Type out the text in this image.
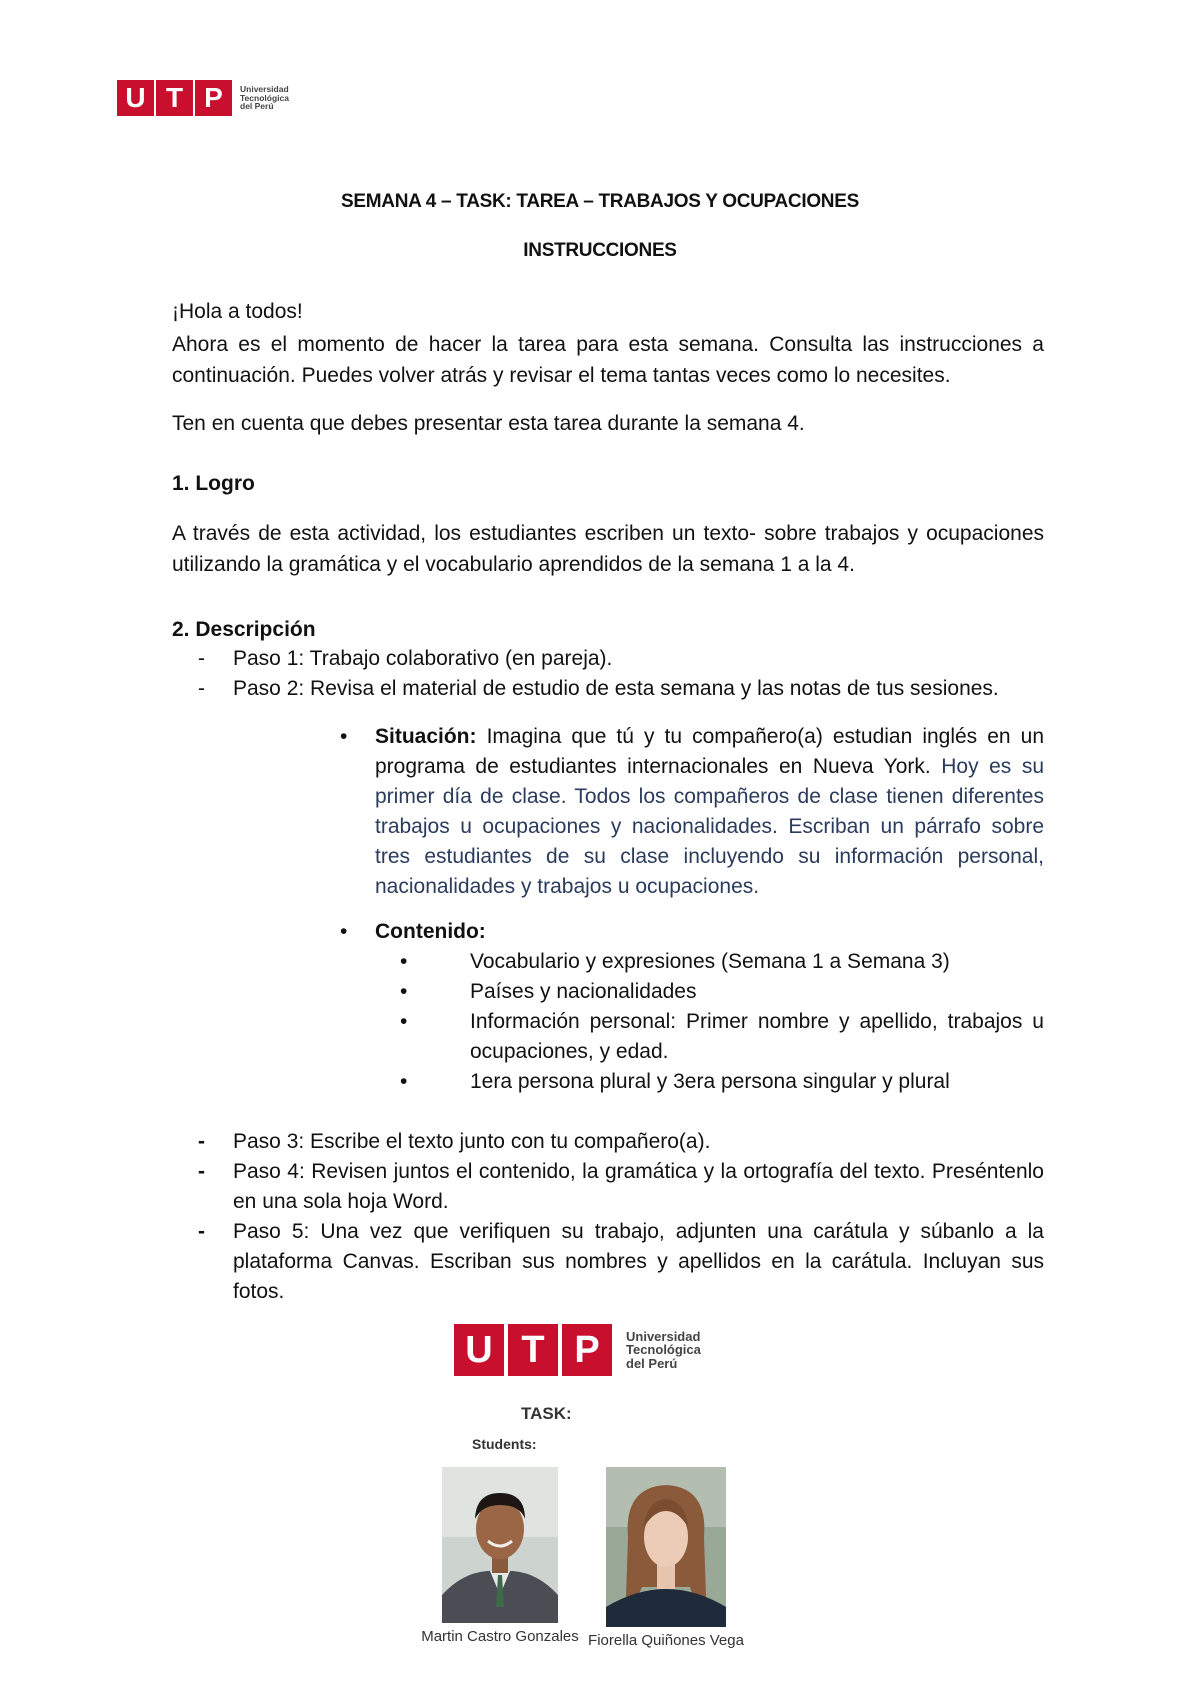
U T P	Universidad
Tecnológica
del Perú
SEMANA 4 – TASK: TAREA – TRABAJOS Y OCUPACIONES
INSTRUCCIONES
¡Hola a todos!
Ahora es el momento de hacer la tarea para esta semana. Consulta las instrucciones a continuación. Puedes volver atrás y revisar el tema tantas veces como lo necesites.
Ten en cuenta que debes presentar esta tarea durante la semana 4.
1. Logro
A través de esta actividad, los estudiantes escriben un texto- sobre trabajos y ocupaciones utilizando la gramática y el vocabulario aprendidos de la semana 1 a la 4.
2. Descripción
- Paso 1: Trabajo colaborativo (en pareja).
- Paso 2: Revisa el material de estudio de esta semana y las notas de tus sesiones.
• Situación: Imagina que tú y tu compañero(a) estudian inglés en un programa de estudiantes internacionales en Nueva York. Hoy es su primer día de clase. Todos los compañeros de clase tienen diferentes trabajos u ocupaciones y nacionalidades. Escriban un párrafo sobre tres estudiantes de su clase incluyendo su información personal, nacionalidades y trabajos u ocupaciones.
• Contenido:
•	Vocabulario y expresiones (Semana 1 a Semana 3)
•	Países y nacionalidades
•	Información personal: Primer nombre y apellido, trabajos u ocupaciones, y edad.
•	1era persona plural y 3era persona singular y plural
- Paso 3: Escribe el texto junto con tu compañero(a).
- Paso 4: Revisen juntos el contenido, la gramática y la ortografía del texto. Preséntenlo en una sola hoja Word.
- Paso 5: Una vez que verifiquen su trabajo, adjunten una carátula y súbanlo a la plataforma Canvas. Escriban sus nombres y apellidos en la carátula. Incluyan sus fotos.
U T P	Universidad
Tecnológica
del Perú
TASK:
Students:
Martin Castro Gonzales Fiorella Quiñones Vega
